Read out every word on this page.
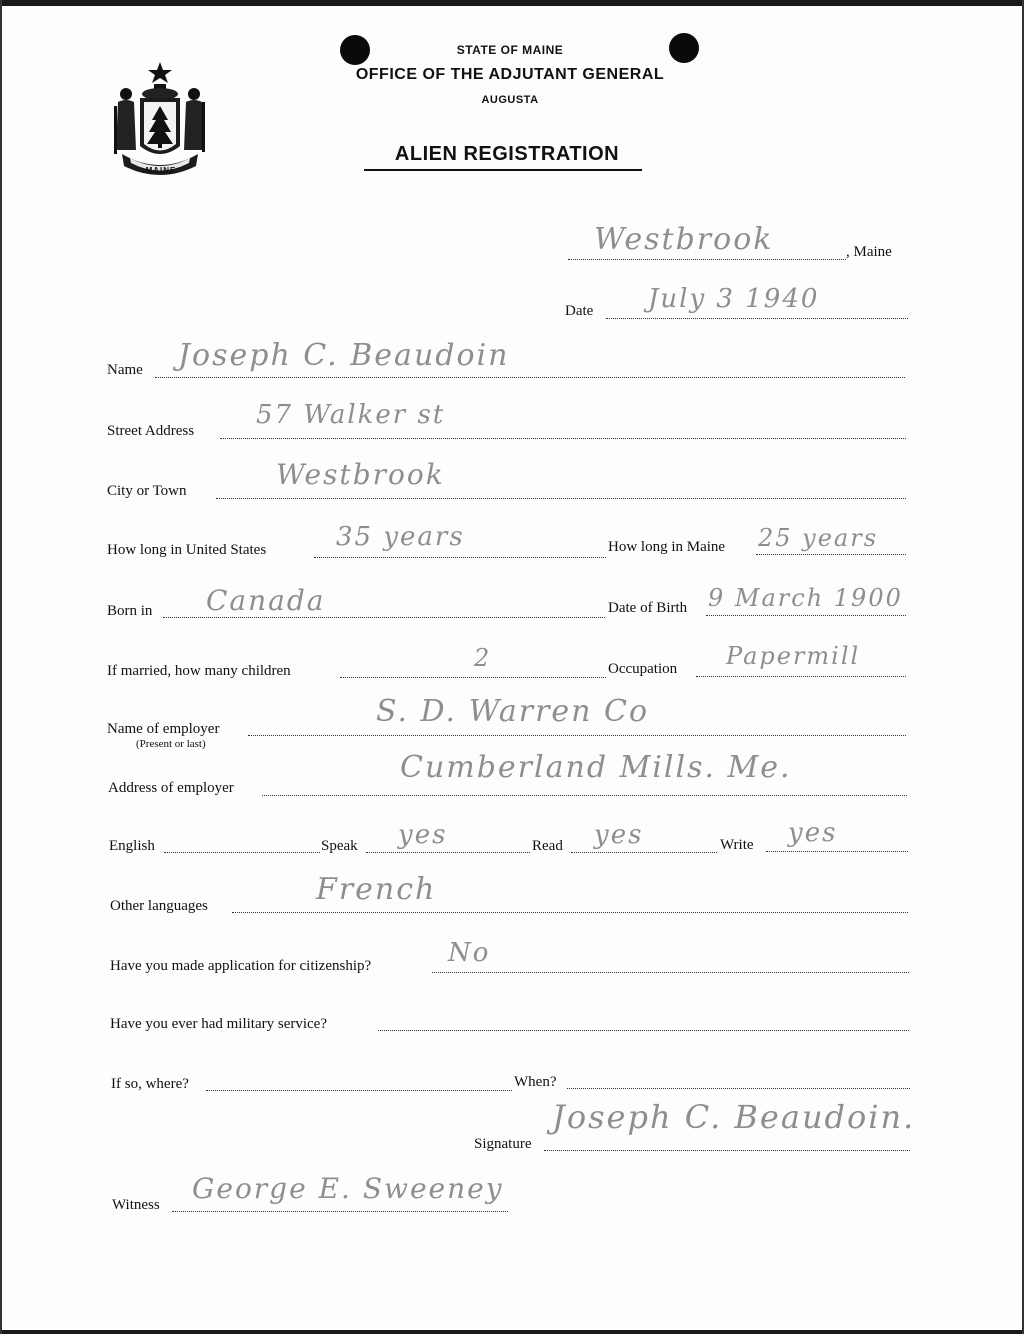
MAINE
STATE OF MAINE
OFFICE OF THE ADJUTANT GENERAL
AUGUSTA
ALIEN REGISTRATION
Westbrook	, Maine
Date July 3 1940
Name Joseph C. Beaudoin
Street Address
57 Walker st
City or Town	Westbrook
How long in United States	35 years	How long in Maine 25 years
Born in Canada	Date of Birth 9 March 1900
If married, how many children	2	Occupation Papermill
Name of employer
(Present or last)
S. D. Warren Co
Address of employer
Cumberland Mills. Me.
English	Speak yes	Read yes	Write yes
Other languages	French
Have you made application for citizenship?	No
Have you ever had military service?
If so, where?	When?
Signature
Joseph C. Beaudoin.
Witness George E. Sweeney
